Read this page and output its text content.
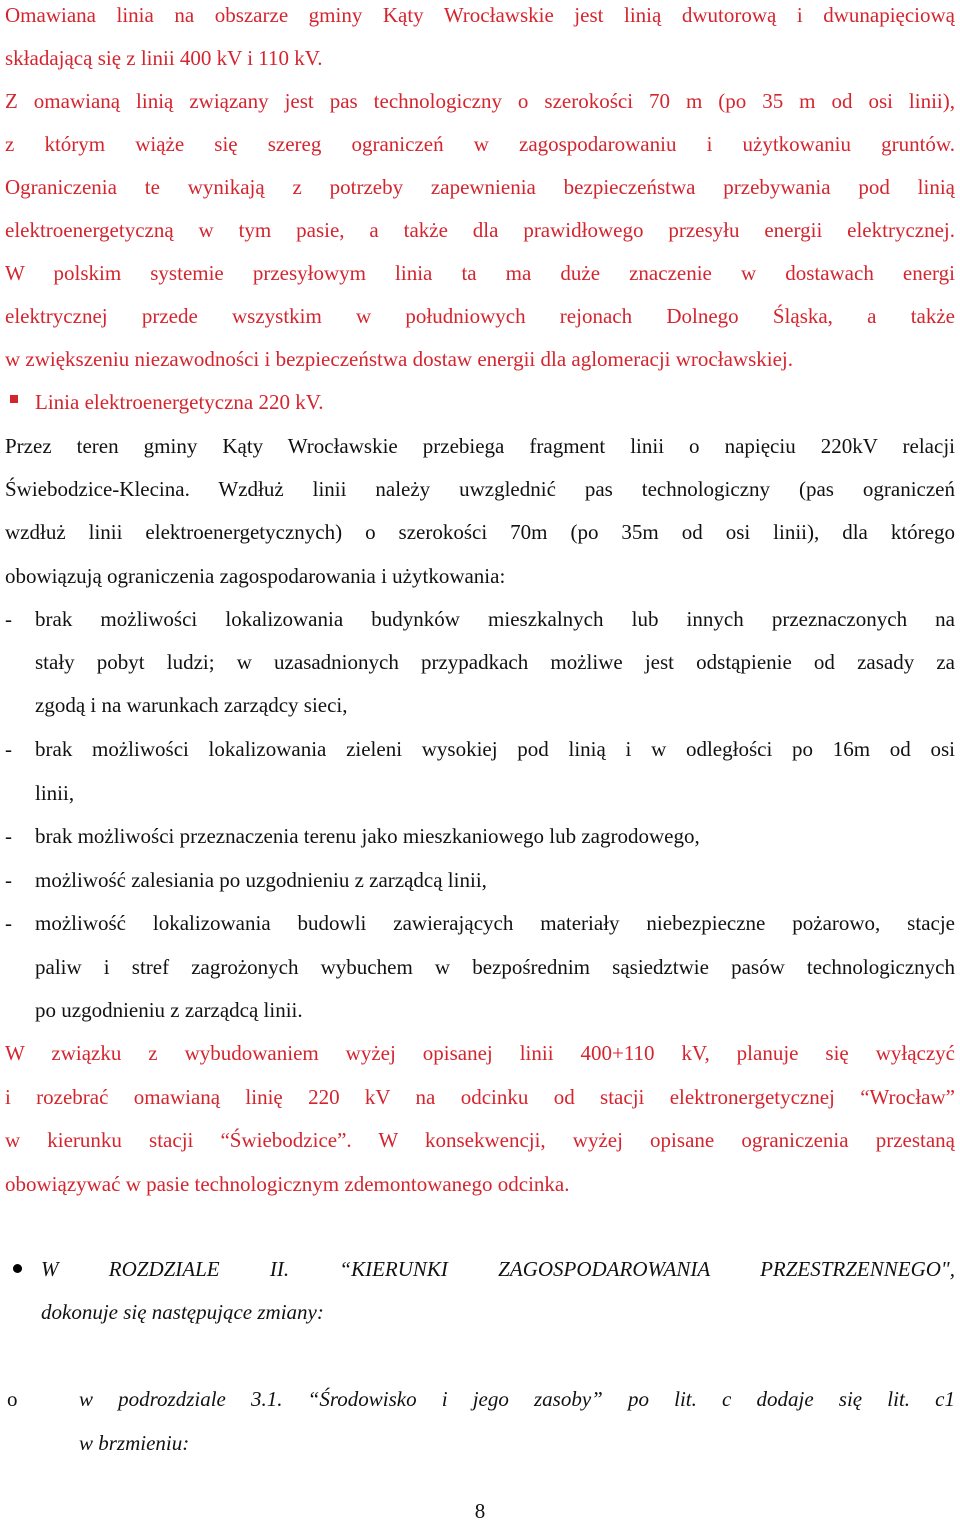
Omawiana linia na obszarze gminy Kąty Wrocławskie jest linią dwutorową i dwunapięciową
składającą się z linii 400 kV i 110 kV.
Z omawianą linią związany jest pas technologiczny o szerokości 70 m (po 35 m od osi linii),
z którym wiąże się szereg ograniczeń w zagospodarowaniu i użytkowaniu gruntów.
Ograniczenia te wynikają z potrzeby zapewnienia bezpieczeństwa przebywania pod linią
elektroenergetyczną w tym pasie, a także dla prawidłowego przesyłu energii elektrycznej.
W polskim systemie przesyłowym linia ta ma duże znaczenie w dostawach energi
elektrycznej przede wszystkim w południowych rejonach Dolnego Śląska, a także
w zwiększeniu niezawodności i bezpieczeństwa dostaw energii dla aglomeracji wrocławskiej.
Linia elektroenergetyczna 220 kV.
Przez teren gminy Kąty Wrocławskie przebiega fragment linii o napięciu 220kV relacji
Świebodzice-Klecina. Wzdłuż linii należy uwzglednić pas technologiczny (pas ograniczeń
wzdłuż linii elektroenergetycznych) o szerokości 70m (po 35m od osi linii), dla którego
obowiązują ograniczenia zagospodarowania i użytkowania:
-	brak możliwości lokalizowania budynków mieszkalnych lub innych przeznaczonych na
stały pobyt ludzi; w uzasadnionych przypadkach możliwe jest odstąpienie od zasady za
zgodą i na warunkach zarządcy sieci,
-	brak możliwości lokalizowania zieleni wysokiej pod linią i w odległości po 16m od osi
linii,
-	brak możliwości przeznaczenia terenu jako mieszkaniowego lub zagrodowego,
-	możliwość zalesiania po uzgodnieniu z zarządcą linii,
-	możliwość lokalizowania budowli zawierających materiały niebezpieczne pożarowo, stacje
paliw i stref zagrożonych wybuchem w bezpośrednim sąsiedztwie pasów technologicznych
po uzgodnieniu z zarządcą linii.
W związku z wybudowaniem wyżej opisanej linii 400+110 kV, planuje się wyłączyć
i rozebrać omawianą linię 220 kV na odcinku od stacji elektronergetycznej “Wrocław”
w kierunku stacji “Świebodzice”. W konsekwencji, wyżej opisane ograniczenia przestaną
obowiązywać w pasie technologicznym zdemontowanego odcinka.
W ROZDZIALE II. “KIERUNKI ZAGOSPODAROWANIA PRZESTRZENNEGO",
dokonuje się następujące zmiany:
o	w podrozdziale 3.1. “Środowisko i jego zasoby” po lit. c dodaje się lit. c1
w brzmieniu:
8
